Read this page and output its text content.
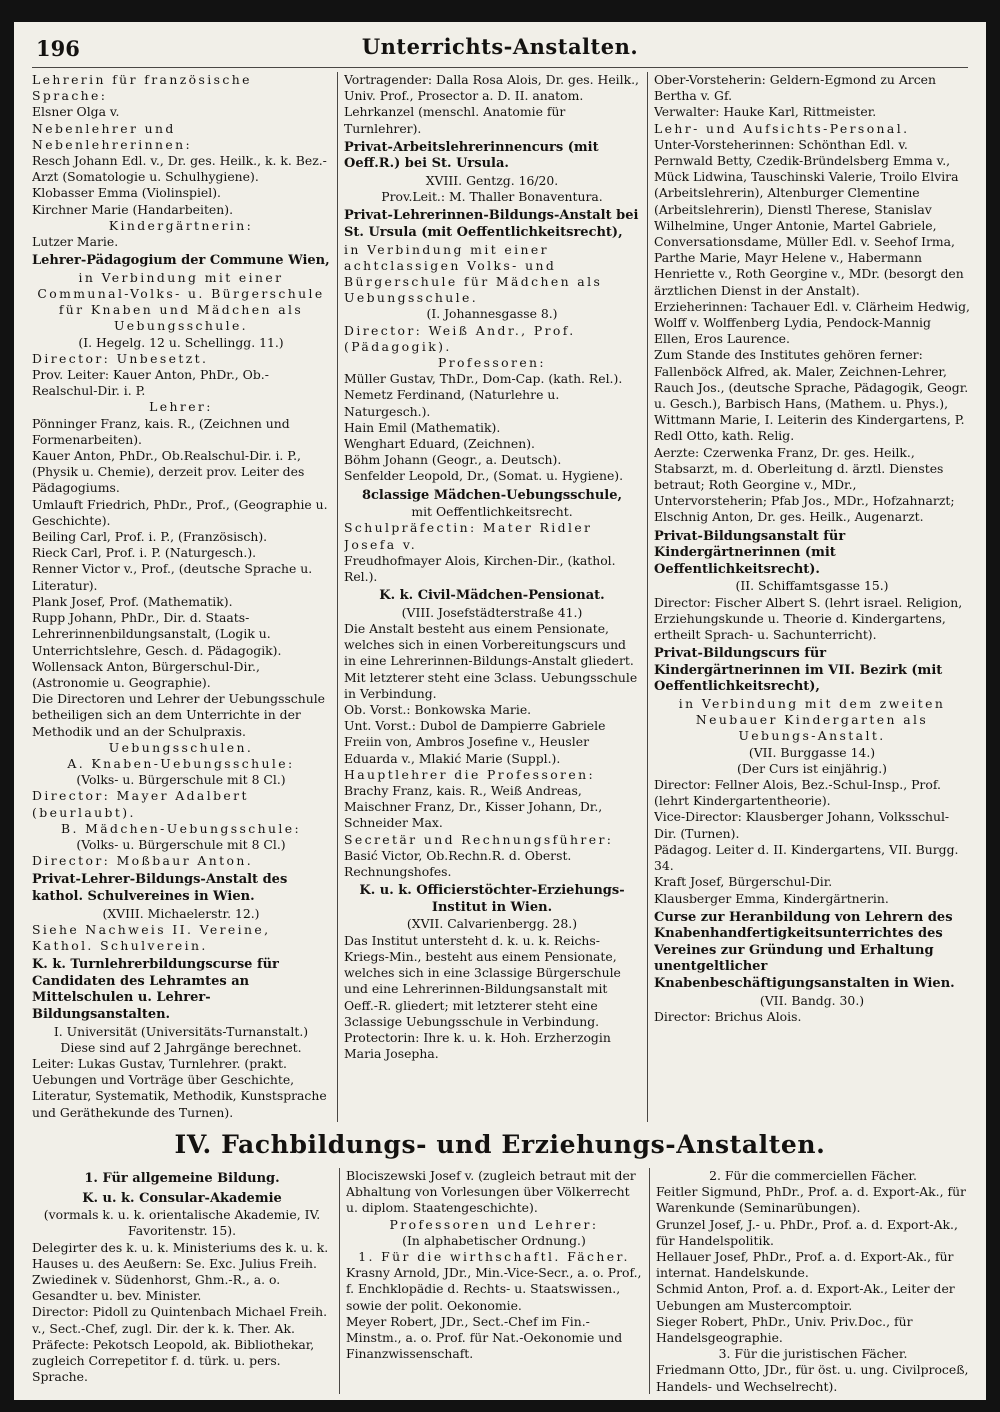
196	Unterrichts-Anstalten.

Lehrerin für französische Sprache:

Elsner Olga v.

Nebenlehrer und Nebenlehrerinnen:

Resch Johann Edl. v., Dr. ges. Heilk., k. k. Bez.-Arzt (Somatologie u. Schulhygiene).

Klobasser Emma (Violinspiel).

Kirchner Marie (Handarbeiten).

Kindergärtnerin:

Lutzer Marie.

Lehrer-Pädagogium der Commune Wien,

in Verbindung mit einer Communal-Volks- u. Bürgerschule für Knaben und Mädchen als Uebungsschule.

(I. Hegelg. 12 u. Schellingg. 11.)

Director: Unbesetzt.

Prov. Leiter: Kauer Anton, PhDr., Ob.-Realschul-Dir. i. P.

Lehrer:

Pönninger Franz, kais. R., (Zeichnen und Formenarbeiten).

Kauer Anton, PhDr., Ob.Realschul-Dir. i. P., (Physik u. Chemie), derzeit prov. Leiter des Pädagogiums.

Umlauft Friedrich, PhDr., Prof., (Geographie u. Geschichte).

Beiling Carl, Prof. i. P., (Französisch).

Rieck Carl, Prof. i. P. (Naturgesch.).

Renner Victor v., Prof., (deutsche Sprache u. Literatur).

Plank Josef, Prof. (Mathematik).

Rupp Johann, PhDr., Dir. d. Staats-Lehrerinnenbildungsanstalt, (Logik u. Unterrichtslehre, Gesch. d. Pädagogik).

Wollensack Anton, Bürgerschul-Dir., (Astronomie u. Geographie).

Die Directoren und Lehrer der Uebungsschule betheiligen sich an dem Unterrichte in der Methodik und an der Schulpraxis.

Uebungsschulen.

A. Knaben-Uebungsschule:

(Volks- u. Bürgerschule mit 8 Cl.)

Director: Mayer Adalbert (beurlaubt).

B. Mädchen-Uebungsschule:

(Volks- u. Bürgerschule mit 8 Cl.)

Director: Moßbaur Anton.

Privat-Lehrer-Bildungs-Anstalt des kathol. Schulvereines in Wien.

(XVIII. Michaelerstr. 12.)

Siehe Nachweis II. Vereine, Kathol. Schulverein.

K. k. Turnlehrerbildungscurse für Candidaten des Lehramtes an Mittelschulen u. Lehrer-Bildungsanstalten.

I. Universität (Universitäts-Turnanstalt.)

Diese sind auf 2 Jahrgänge berechnet.

Leiter: Lukas Gustav, Turnlehrer. (prakt. Uebungen und Vorträge über Geschichte, Literatur, Systematik, Methodik, Kunstsprache und Geräthekunde des Turnen).

Vortragender: Dalla Rosa Alois, Dr. ges. Heilk., Univ. Prof., Prosector a. D. II. anatom. Lehrkanzel (menschl. Anatomie für Turnlehrer).

Privat-Arbeitslehrerinnencurs (mit Oeff.R.) bei St. Ursula.

XVIII. Gentzg. 16/20.

Prov.Leit.: M. Thaller Bonaventura.

Privat-Lehrerinnen-Bildungs-Anstalt bei St. Ursula (mit Oeffentlichkeitsrecht),

in Verbindung mit einer achtclassigen Volks- und Bürgerschule für Mädchen als Uebungsschule.

(I. Johannesgasse 8.)

Director: Weiß Andr., Prof. (Pädagogik).

Professoren:

Müller Gustav, ThDr., Dom-Cap. (kath. Rel.).

Nemetz Ferdinand, (Naturlehre u. Naturgesch.).

Hain Emil (Mathematik).

Wenghart Eduard, (Zeichnen).

Böhm Johann (Geogr., a. Deutsch).

Senfelder Leopold, Dr., (Somat. u. Hygiene).

8classige Mädchen-Uebungsschule,

mit Oeffentlichkeitsrecht.

Schulpräfectin: Mater Ridler Josefa v.

Freudhofmayer Alois, Kirchen-Dir., (kathol. Rel.).

K. k. Civil-Mädchen-Pensionat.

(VIII. Josefstädterstraße 41.)

Die Anstalt besteht aus einem Pensionate, welches sich in einen Vorbereitungscurs und in eine Lehrerinnen-Bildungs-Anstalt gliedert. Mit letzterer steht eine 3class. Uebungsschule in Verbindung.

Ob. Vorst.: Bonkowska Marie.

Unt. Vorst.: Dubol de Dampierre Gabriele Freiin von, Ambros Josefine v., Heusler Eduarda v., Mlakić Marie (Suppl.).

Hauptlehrer die Professoren:

Brachy Franz, kais. R., Weiß Andreas, Maischner Franz, Dr., Kisser Johann, Dr., Schneider Max.

Secretär und Rechnungsführer:

Basić Victor, Ob.Rechn.R. d. Oberst. Rechnungshofes.

K. u. k. Officierstöchter-Erziehungs-Institut in Wien.

(XVII. Calvarienbergg. 28.)

Das Institut untersteht d. k. u. k. Reichs-Kriegs-Min., besteht aus einem Pensionate, welches sich in eine 3classige Bürgerschule und eine Lehrerinnen-Bildungsanstalt mit Oeff.-R. gliedert; mit letzterer steht eine 3classige Uebungsschule in Verbindung.

Protectorin: Ihre k. u. k. Hoh. Erzherzogin Maria Josepha.

Ober-Vorsteherin: Geldern-Egmond zu Arcen Bertha v. Gf.

Verwalter: Hauke Karl, Rittmeister.

Lehr- und Aufsichts-Personal.

Unter-Vorsteherinnen: Schönthan Edl. v. Pernwald Betty, Czedik-Bründelsberg Emma v., Mück Lidwina, Tauschinski Valerie, Troilo Elvira (Arbeitslehrerin), Altenburger Clementine (Arbeitslehrerin), Dienstl Therese, Stanislav Wilhelmine, Unger Antonie, Martel Gabriele, Conversationsdame, Müller Edl. v. Seehof Irma, Parthe Marie, Mayr Helene v., Habermann Henriette v., Roth Georgine v., MDr. (besorgt den ärztlichen Dienst in der Anstalt).

Erzieherinnen: Tachauer Edl. v. Clärheim Hedwig, Wolff v. Wolffenberg Lydia, Pendock-Mannig Ellen, Eros Laurence.

Zum Stande des Institutes gehören ferner: Fallenböck Alfred, ak. Maler, Zeichnen-Lehrer, Rauch Jos., (deutsche Sprache, Pädagogik, Geogr. u. Gesch.), Barbisch Hans, (Mathem. u. Phys.), Wittmann Marie, I. Leiterin des Kindergartens, P. Redl Otto, kath. Relig.

Aerzte: Czerwenka Franz, Dr. ges. Heilk., Stabsarzt, m. d. Oberleitung d. ärztl. Dienstes betraut; Roth Georgine v., MDr., Untervorsteherin; Pfab Jos., MDr., Hofzahnarzt; Elschnig Anton, Dr. ges. Heilk., Augenarzt.

Privat-Bildungsanstalt für Kindergärtnerinnen (mit Oeffentlichkeitsrecht).

(II. Schiffamtsgasse 15.)

Director: Fischer Albert S. (lehrt israel. Religion, Erziehungskunde u. Theorie d. Kindergartens, ertheilt Sprach- u. Sachunterricht).

Privat-Bildungscurs für Kindergärtnerinnen im VII. Bezirk (mit Oeffentlichkeitsrecht),

in Verbindung mit dem zweiten Neubauer Kindergarten als Uebungs-Anstalt.

(VII. Burggasse 14.)

(Der Curs ist einjährig.)

Director: Fellner Alois, Bez.-Schul-Insp., Prof. (lehrt Kindergartentheorie).

Vice-Director: Klausberger Johann, Volksschul-Dir. (Turnen).

Pädagog. Leiter d. II. Kindergartens, VII. Burgg. 34.

Kraft Josef, Bürgerschul-Dir.

Klausberger Emma, Kindergärtnerin.

Curse zur Heranbildung von Lehrern des Knabenhandfertigkeitsunterrichtes des Vereines zur Gründung und Erhaltung unentgeltlicher Knabenbeschäftigungsanstalten in Wien.

(VII. Bandg. 30.)

Director: Brichus Alois.

IV. Fachbildungs- und Erziehungs-Anstalten.

1. Für allgemeine Bildung.

K. u. k. Consular-Akademie

(vormals k. u. k. orientalische Akademie, IV. Favoritenstr. 15).

Delegirter des k. u. k. Ministeriums des k. u. k. Hauses u. des Aeußern: Se. Exc. Julius Freih. Zwiedinek v. Südenhorst, Ghm.-R., a. o. Gesandter u. bev. Minister.

Director: Pidoll zu Quintenbach Michael Freih. v., Sect.-Chef, zugl. Dir. der k. k. Ther. Ak.

Präfecte: Pekotsch Leopold, ak. Bibliothekar, zugleich Correpetitor f. d. türk. u. pers. Sprache.

Blociszewski Josef v. (zugleich betraut mit der Abhaltung von Vorlesungen über Völkerrecht u. diplom. Staatengeschichte).

Professoren und Lehrer:

(In alphabetischer Ordnung.)

1. Für die wirthschaftl. Fächer.

Krasny Arnold, JDr., Min.-Vice-Secr., a. o. Prof., f. Enchklopädie d. Rechts- u. Staatswissen., sowie der polit. Oekonomie.

Meyer Robert, JDr., Sect.-Chef im Fin.-Minstm., a. o. Prof. für Nat.-Oekonomie und Finanzwissenschaft.

2. Für die commerciellen Fächer.

Feitler Sigmund, PhDr., Prof. a. d. Export-Ak., für Warenkunde (Seminarübungen).

Grunzel Josef, J.- u. PhDr., Prof. a. d. Export-Ak., für Handelspolitik.

Hellauer Josef, PhDr., Prof. a. d. Export-Ak., für internat. Handelskunde.

Schmid Anton, Prof. a. d. Export-Ak., Leiter der Uebungen am Mustercomptoir.

Sieger Robert, PhDr., Univ. Priv.Doc., für Handelsgeographie.

3. Für die juristischen Fächer.

Friedmann Otto, JDr., für öst. u. ung. Civilproceß, Handels- und Wechselrecht).
